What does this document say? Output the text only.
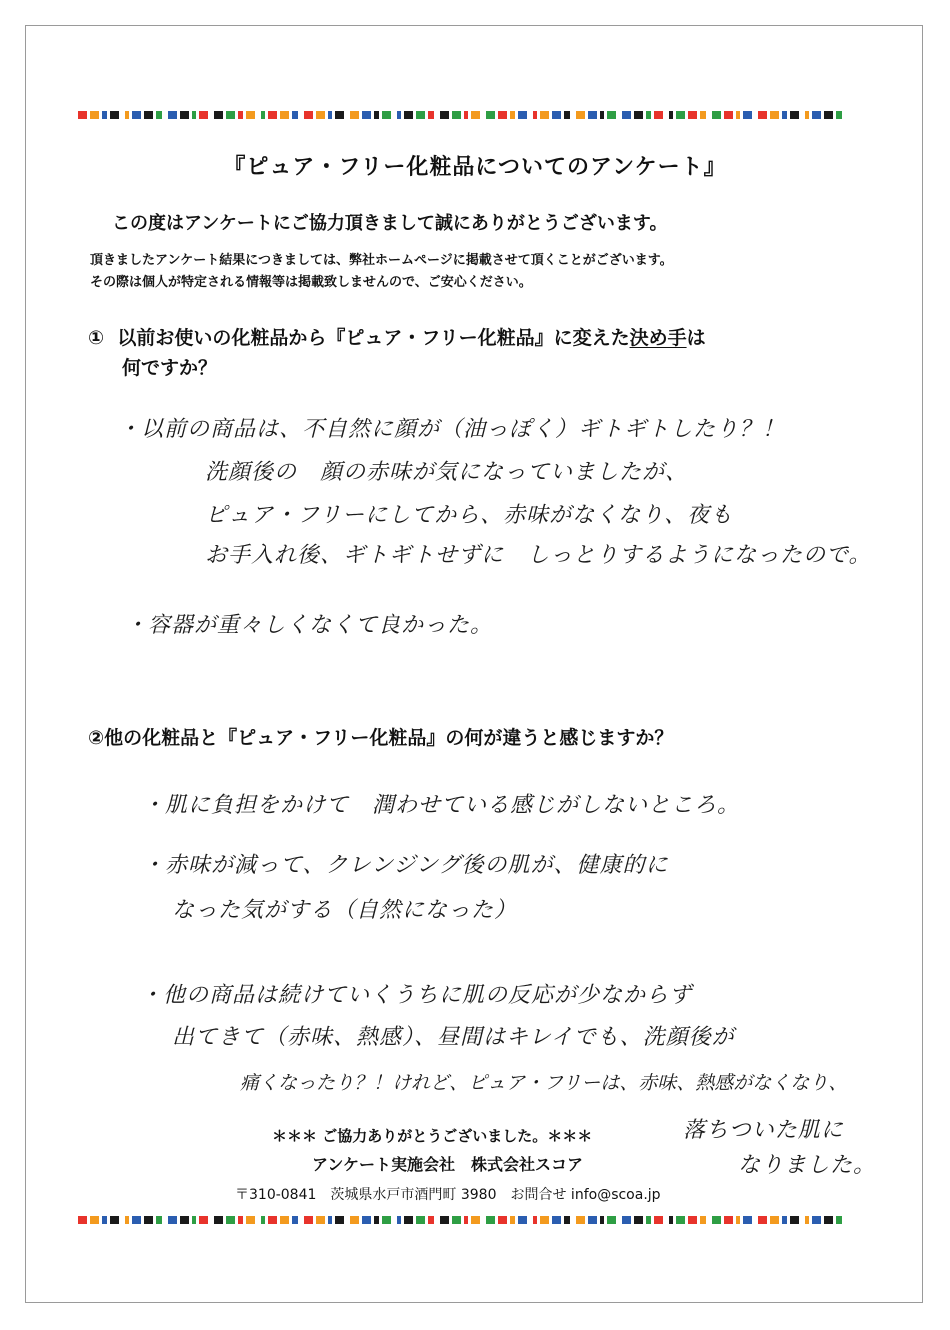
『ピュア・フリー化粧品についてのアンケート』
この度はアンケートにご協力頂きまして誠にありがとうございます。
頂きましたアンケート結果につきましては、弊社ホームページに掲載させて頂くことがございます。
その際は個人が特定される情報等は掲載致しませんので、ご安心ください。
① 以前お使いの化粧品から『ピュア・フリー化粧品』に変えた決め手は
何ですか？
・以前の商品は、不自然に顔が（油っぽく）ギトギトしたり？！
洗顔後の　顔の赤味が気になっていましたが、
ピュア・フリーにしてから、赤味がなくなり、夜も
お手入れ後、ギトギトせずに　しっとりするようになったので。
・容器が重々しくなくて良かった。
②他の化粧品と『ピュア・フリー化粧品』の何が違うと感じますか？
・肌に負担をかけて　潤わせている感じがしないところ。
・赤味が減って、クレンジング後の肌が、健康的に
なった気がする（自然になった）
・他の商品は続けていくうちに肌の反応が少なからず
出てきて（赤味、熱感）、昼間はキレイでも、洗顔後が
痛くなったり？！けれど、ピュア・フリーは、赤味、熱感がなくなり、
落ちついた肌に
なりました。
＊＊＊ ご協力ありがとうございました。＊＊＊
アンケート実施会社　株式会社スコア
〒310-0841　茨城県水戸市酒門町 3980　お問合せ info@scoa.jp
